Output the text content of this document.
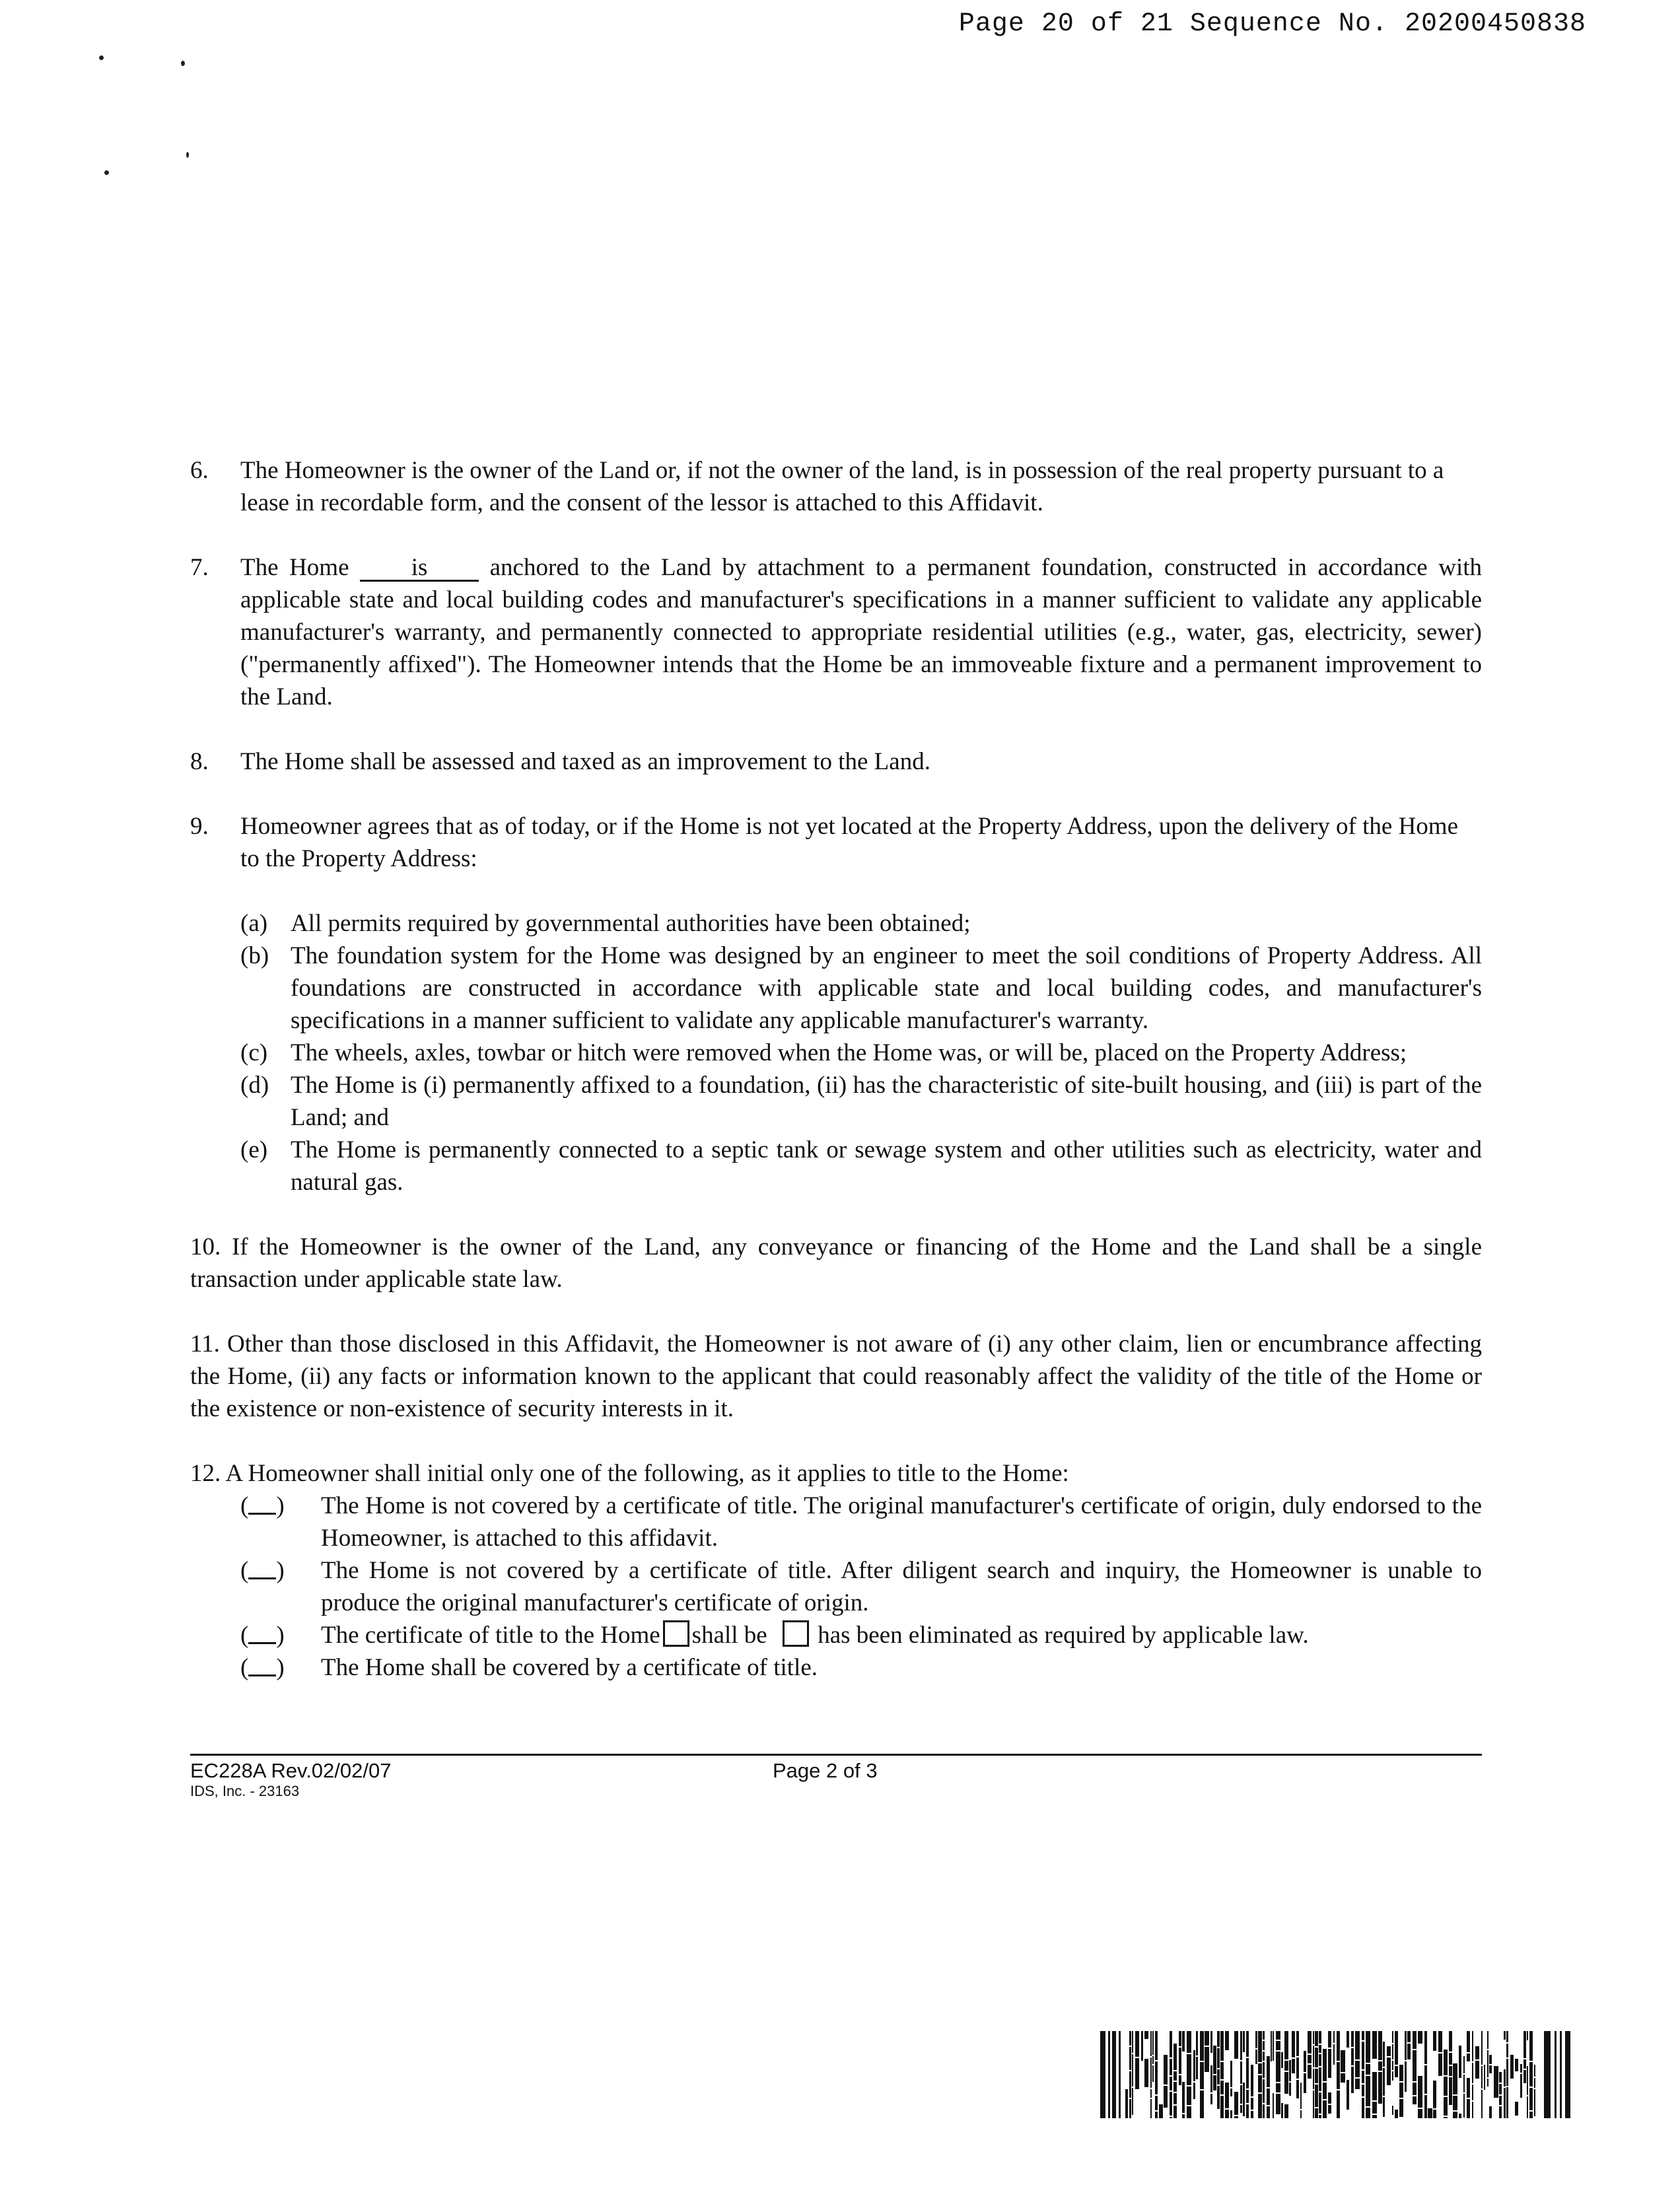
Page 20 of 21 Sequence No. 20200450838
6. The Homeowner is the owner of the Land or, if not the owner of the land, is in possession of the real property pursuant to a lease in recordable form, and the consent of the lessor is attached to this Affidavit.
7. The Home	is	anchored to the Land by attachment to a permanent foundation, constructed in accordance with applicable state and local building codes and manufacturer's specifications in a manner sufficient to validate any applicable manufacturer's warranty, and permanently connected to appropriate residential utilities (e.g., water, gas, electricity, sewer) ("permanently affixed"). The Homeowner intends that the Home be an immoveable fixture and a permanent improvement to the Land.
8. The Home shall be assessed and taxed as an improvement to the Land.
9. Homeowner agrees that as of today, or if the Home is not yet located at the Property Address, upon the delivery of the Home to the Property Address:
(a) All permits required by governmental authorities have been obtained;
(b) The foundation system for the Home was designed by an engineer to meet the soil conditions of Property Address. All foundations are constructed in accordance with applicable state and local building codes, and manufacturer's specifications in a manner sufficient to validate any applicable manufacturer's warranty.
(c) The wheels, axles, towbar or hitch were removed when the Home was, or will be, placed on the Property Address;
(d) The Home is (i) permanently affixed to a foundation, (ii) has the characteristic of site-built housing, and (iii) is part of the Land; and
(e) The Home is permanently connected to a septic tank or sewage system and other utilities such as electricity, water and natural gas.
10. If the Homeowner is the owner of the Land, any conveyance or financing of the Home and the Land shall be a single transaction under applicable state law.
11. Other than those disclosed in this Affidavit, the Homeowner is not aware of (i) any other claim, lien or encumbrance affecting the Home, (ii) any facts or information known to the applicant that could reasonably affect the validity of the title of the Home or the existence or non-existence of security interests in it.
12. A Homeowner shall initial only one of the following, as it applies to title to the Home:
( ) The Home is not covered by a certificate of title. The original manufacturer's certificate of origin, duly endorsed to the Homeowner, is attached to this affidavit.
( ) The Home is not covered by a certificate of title. After diligent search and inquiry, the Homeowner is unable to produce the original manufacturer's certificate of origin.
( ) The certificate of title to the Home shall be has been eliminated as required by applicable law.
( ) The Home shall be covered by a certificate of title.
EC228A Rev.02/02/07
IDS, Inc. - 23163
Page 2 of 3
